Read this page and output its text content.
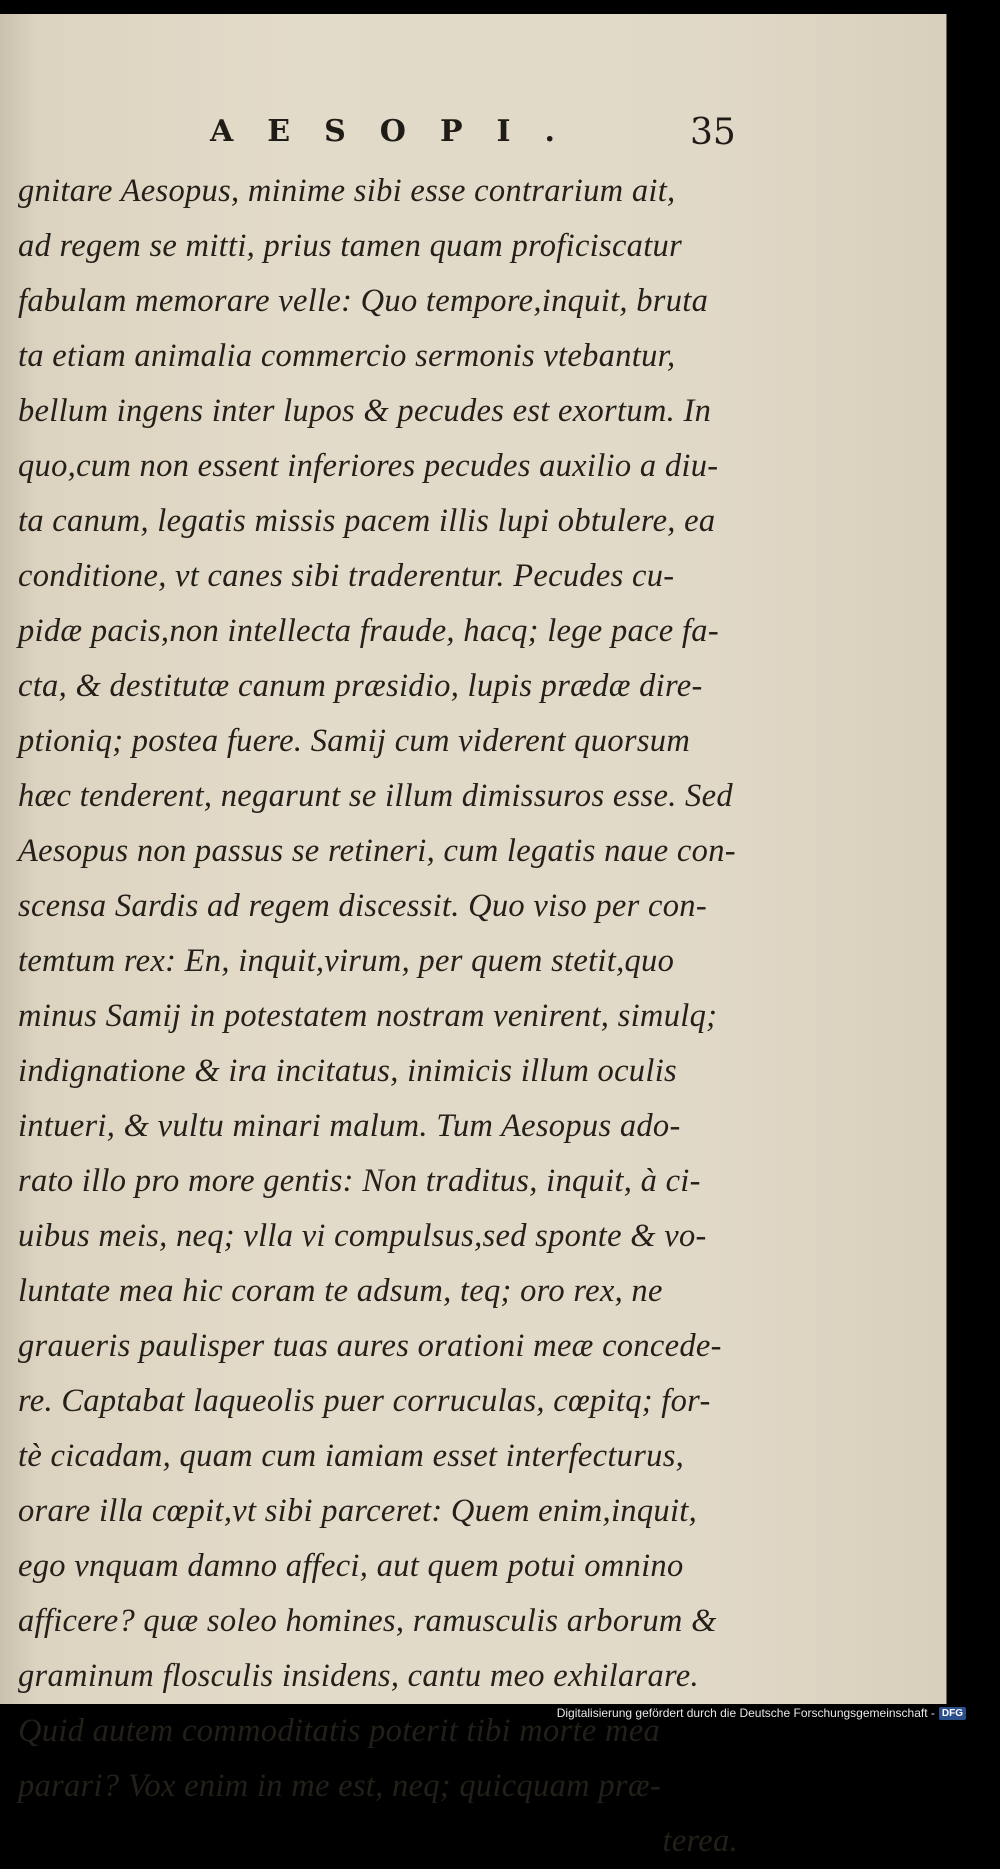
AESOPI.	35
gnitare Aesopus, minime sibi esse contrarium ait,
ad regem se mitti, prius tamen quam proficiscatur
fabulam memorare velle: Quo tempore,inquit, bruta
ta etiam animalia commercio sermonis vtebantur,
bellum ingens inter lupos & pecudes est exortum. In
quo,cum non essent inferiores pecudes auxilio a diu-
ta canum, legatis missis pacem illis lupi obtulere, ea
conditione, vt canes sibi traderentur. Pecudes cu-
pidæ pacis,non intellecta fraude, hacq; lege pace fa-
cta, & destitutæ canum præsidio, lupis prædæ dire-
ptioniq; postea fuere. Samij cum viderent quorsum
hæc tenderent, negarunt se illum dimissuros esse. Sed
Aesopus non passus se retineri, cum legatis naue con-
scensa Sardis ad regem discessit. Quo viso per con-
temtum rex: En, inquit,virum, per quem stetit,quo
minus Samij in potestatem nostram venirent, simulq;
indignatione & ira incitatus, inimicis illum oculis
intueri, & vultu minari malum. Tum Aesopus ado-
rato illo pro more gentis: Non traditus, inquit, à ci-
uibus meis, neq; vlla vi compulsus,sed sponte & vo-
luntate mea hic coram te adsum, teq; oro rex, ne
graueris paulisper tuas aures orationi meæ concede-
re. Captabat laqueolis puer corruculas, cœpitq; for-
tè cicadam, quam cum iamiam esset interfecturus,
orare illa cœpit,vt sibi parceret: Quem enim,inquit,
ego vnquam damno affeci, aut quem potui omnino
afficere? quæ soleo homines, ramusculis arborum &
graminum flosculis insidens, cantu meo exhilarare.
Quid autem commoditatis poterit tibi morte mea
parari? Vox enim in me est, neq; quicquam præ-
terea.
Digitalisierung gefördert durch die Deutsche Forschungsgemeinschaft - DFG
